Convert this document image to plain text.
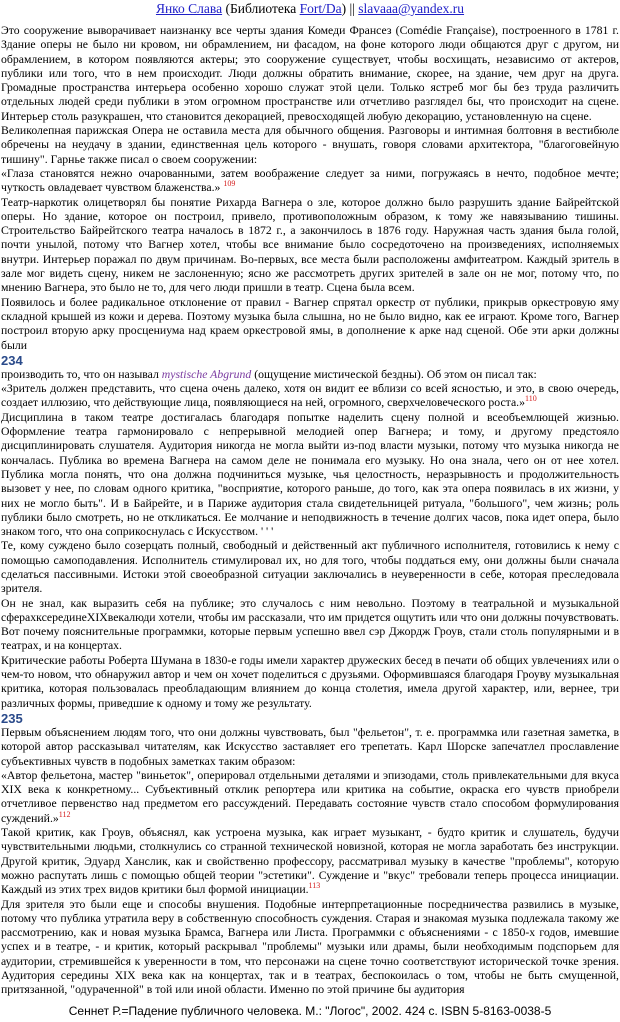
Янко Слава (Библиотека Fort/Da) || slavaaa@yandex.ru

Это сооружение выворачивает наизнанку все черты здания Комеди Франсез (Comédie Française), построенного в 1781 г. Здание оперы не было ни кровом, ни обрамлением, ни фасадом, на фоне которого люди общаются друг с другом, ни обрамлением, в котором появляются актеры; это сооружение существует, чтобы восхищать, независимо от актеров, публики или того, что в нем происходит. Люди должны обратить внимание, скорее, на здание, чем друг на друга. Громадные пространства интерьера особенно хорошо служат этой цели. Только ястреб мог бы без труда различить отдельных людей среди публики в этом огромном пространстве или отчетливо разглядел бы, что происходит на сцене. Интерьер столь разукрашен, что становится декорацией, превосходящей любую декорацию, установленную на сцене.

Великолепная парижская Опера не оставила места для обычного общения. Разговоры и интимная болтовня в вестибюле обречены на неудачу в здании, единственная цель которого - внушать, говоря словами архитектора, "благоговейную тишину". Гарнье также писал о своем сооружении:

«Глаза становятся нежно очарованными, затем воображение следует за ними, погружаясь в нечто, подобное мечте; чуткость овладевает чувством блаженства.» $^{109}$

Театр-наркотик олицетворял бы понятие Рихарда Вагнера о зле, которое должно было разрушить здание Байрейтской оперы. Но здание, которое он построил, привело, противоположным образом, к тому же навязыванию тишины. Строительство Байрейтского театра началось в 1872 г., а закончилось в 1876 году. Наружная часть здания была голой, почти унылой, потому что Вагнер хотел, чтобы все внимание было сосредоточено на произведениях, исполняемых внутри. Интерьер поражал по двум причинам. Во-первых, все места были расположены амфитеатром. Каждый зритель в зале мог видеть сцену, никем не заслоненную; ясно же рассмотреть других зрителей в зале он не мог, потому что, по мнению Вагнера, это было не то, для чего люди пришли в театр. Сцена была всем.

Появилось и более радикальное отклонение от правил - Вагнер спрятал оркестр от публики, прикрыв оркестровую яму складной крышей из кожи и дерева. Поэтому музыка была слышна, но не было видно, как ее играют. Кроме того, Вагнер построил вторую арку просцениума над краем оркестровой ямы, в дополнение к арке над сценой. Обе эти арки должны были

234

производить то, что он называл mystische Abgrund (ощущение мистической бездны). Об этом он писал так:

«Зритель должен представить, что сцена очень далеко, хотя он видит ее вблизи со всей ясностью, и это, в свою очередь, создает иллюзию, что действующие лица, появляющиеся на ней, огромного, сверхчеловеческого роста.»$^{110}$

Дисциплина в таком театре достигалась благодаря попытке наделить сцену полной и всеобъемлющей жизнью. Оформление театра гармонировало с непрерывной мелодией опер Вагнера; и тому, и другому предстояло дисциплинировать слушателя. Аудитория никогда не могла выйти из-под власти музыки, потому что музыка никогда не кончалась. Публика во времена Вагнера на самом деле не понимала его музыку. Но она знала, чего он от нее хотел. Публика могла понять, что она должна подчиниться музыке, чья целостность, неразрывность и продолжительность вызовет у нее, по словам одного критика, "восприятие, которого раньше, до того, как эта опера появилась в их жизни, у них не могло быть". И в Байрейте, и в Париже аудитория стала свидетельницей ритуала, "большого", чем жизнь; роль публики было смотреть, но не откликаться. Ее молчание и неподвижность в течение долгих часов, пока идет опера, было знаком того, что она соприкоснулась с Искусством. ' ' '

Те, кому суждено было созерцать полный, свободный и действенный акт публичного исполнителя, готовились к нему с помощью самоподавления. Исполнитель стимулировал их, но для того, чтобы поддаться ему, они должны были сначала сделаться пассивными. Истоки этой своеобразной ситуации заключались в неуверенности в себе, которая преследовала зрителя.

Он не знал, как выразить себя на публике; это случалось с ним невольно. Поэтому в театральной и музыкальной сферахксерединеХIХвекалюди хотели, чтобы им рассказали, что им придется ощутить или что они должны почувствовать. Вот почему пояснительные программки, которые первым успешно ввел сэр Джордж Гроув, стали столь популярными и в театрах, и на концертах.

Критические работы Роберта Шумана в 1830-е годы имели характер дружеских бесед в печати об общих увлечениях или о чем-то новом, что обнаружил автор и чем он хочет поделиться с друзьями. Оформившаяся благодаря Гроуву музыкальная критика, которая пользовалась преобладающим влиянием до конца столетия, имела другой характер, или, вернее, три различных формы, приведшие к одному и тому же результату.

235

Первым объяснением людям того, что они должны чувствовать, был "фельетон", т. е. программка или газетная заметка, в которой автор рассказывал читателям, как Искусство заставляет его трепетать. Карл Шорске запечатлел прославление субъективных чувств в подобных заметках таким образом:

«Автор фельетона, мастер "виньеток", оперировал отдельными деталями и эпизодами, столь привлекательными для вкуса XIX века к конкретному... Субъективный отклик репортера или критика на событие, окраска его чувств приобрели отчетливое первенство над предметом его рассуждений. Передавать состояние чувств стало способом формулирования суждений.»$^{112}$

Такой критик, как Гроув, объяснял, как устроена музыка, как играет музыкант, - будто критик и слушатель, будучи чувствительными людьми, столкнулись со странной технической новизной, которая не могла заработать без инструкции. Другой критик, Эдуард Ханслик, как и свойственно профессору, рассматривал музыку в качестве "проблемы", которую можно распутать лишь с помощью общей теории "эстетики". Суждение и "вкус" требовали теперь процесса инициации. Каждый из этих трех видов критики был формой инициации.$^{113}$

Для зрителя это были еще и способы внушения. Подобные интерпретационные посредничества развились в музыке, потому что публика утратила веру в собственную способность суждения. Старая и знакомая музыка подлежала такому же рассмотрению, как и новая музыка Брамса, Вагнера или Листа. Программки с объяснениями - с 1850-х годов, имевшие успех и в театре, - и критик, который раскрывал "проблемы" музыки или драмы, были необходимым подспорьем для аудитории, стремившейся к уверенности в том, что персонажи на сцене точно соответствуют исторической точке зрения. Аудитория середины XIX века как на концертах, так и в театрах, беспокоилась о том, чтобы не быть смущенной, притязанной, "одураченной" в той или иной области. Именно по этой причине бы аудитория

Сеннет Р.=Падение публичного человека. М.: "Логос", 2002. 424 с. ISBN 5-8163-0038-5
